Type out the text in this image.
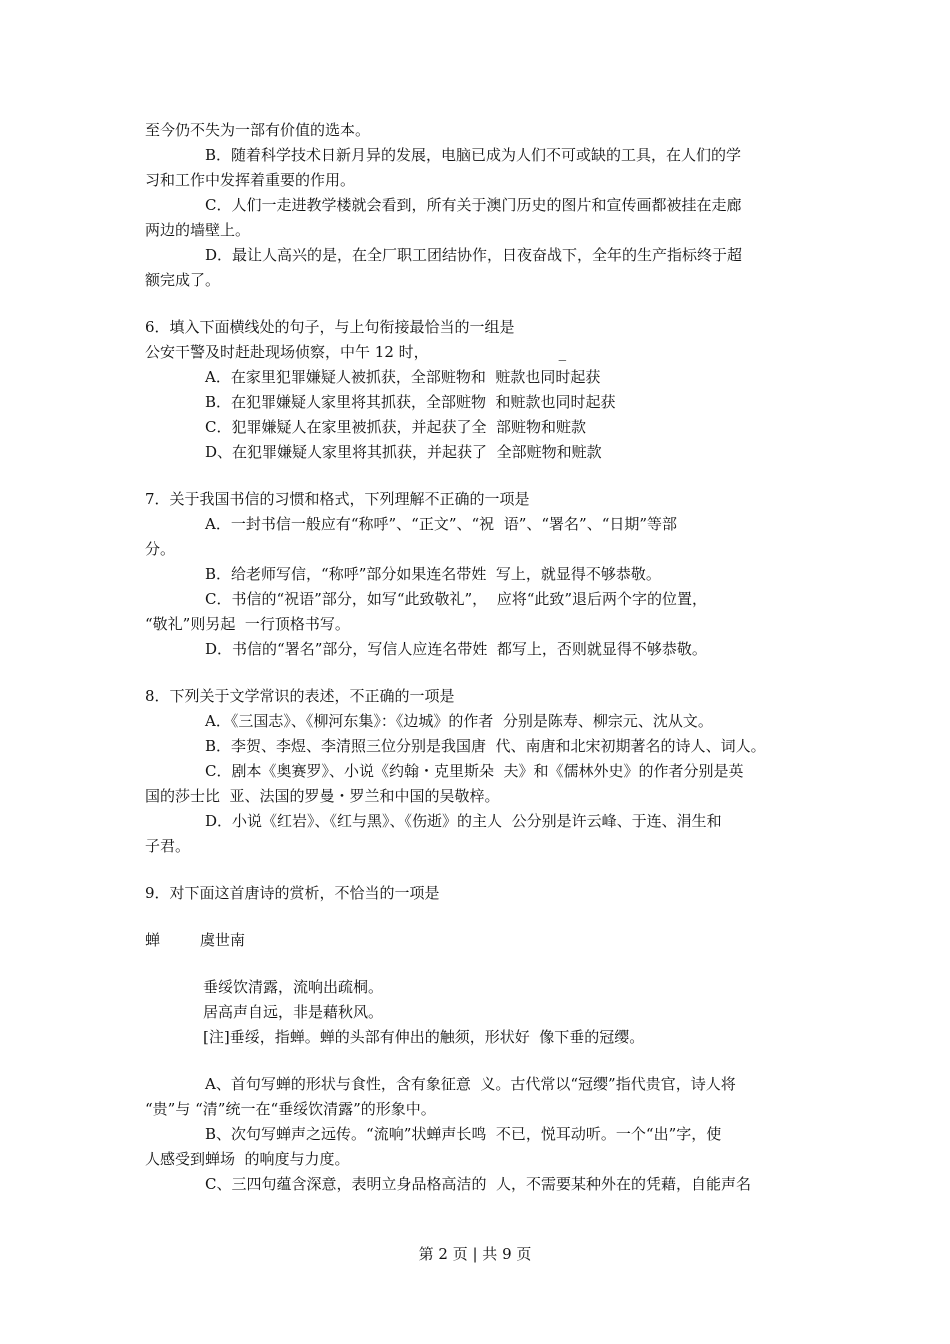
至今仍不失为一部有价值的选本。

B．随着科学技术日新月异的发展，电脑已成为人们不可或缺的工具，在人们的学

习和工作中发挥着重要的作用。

C．人们一走进教学楼就会看到，所有关于澳门历史的图片和宣传画都被挂在走廊

两边的墙壁上。

D．最让人高兴的是，在全厂职工团结协作，日夜奋战下，全年的生产指标终于超

额完成了。

6．填入下面横线处的句子，与上句衔接最恰当的一组是

公安干警及时赶赴现场侦察，中午 12 时，	_

A．在家里犯罪嫌疑人被抓获，全部赃物和  赃款也同时起获

B．在犯罪嫌疑人家里将其抓获，全部赃物  和赃款也同时起获

C．犯罪嫌疑人在家里被抓获，并起获了全  部赃物和赃款

D、在犯罪嫌疑人家里将其抓获，并起获了  全部赃物和赃款

7．关于我国书信的习惯和格式，下列理解不正确的一项是

A．一封书信一般应有“称呼”、“正文”、“祝  语”、“署名”、“日期”等部

分。

B．给老师写信，“称呼”部分如果连名带姓  写上，就显得不够恭敬。

C．书信的“祝语”部分，如写“此致敬礼”，  应将“此致”退后两个字的位置，

“敬礼”则另起  一行顶格书写。

D．书信的“署名”部分，写信人应连名带姓  都写上，否则就显得不够恭敬。

8．下列关于文学常识的表述，不正确的一项是

A．《三国志》、《柳河东集》：《边城》的作者  分别是陈寿、柳宗元、沈从文。

B．李贺、李煜、李清照三位分别是我国唐  代、南唐和北宋初期著名的诗人、词人。

C．剧本《奥赛罗》、小说《约翰・克里斯朵  夫》和《儒林外史》的作者分别是英

国的莎士比  亚、法国的罗曼・罗兰和中国的吴敬梓。

D．小说《红岩》、《红与黑》、《伤逝》的主人  公分别是许云峰、于连、涓生和

子君。

9．对下面这首唐诗的赏析，不恰当的一项是

蝉	虞世南

垂绥饮清露，流响出疏桐。

居高声自远，非是藉秋风。

[注]垂绥，指蝉。蝉的头部有伸出的触须，形状好  像下垂的冠缨。

A、首句写蝉的形状与食性，含有象征意  义。古代常以“冠缨”指代贵官，诗人将

“贵”与 “清”统一在“垂绥饮清露”的形象中。

B、次句写蝉声之远传。“流响”状蝉声长鸣  不已，悦耳动听。一个“出”字，使

人感受到蝉场  的响度与力度。

C、三四句蕴含深意，表明立身品格高洁的  人，不需要某种外在的凭藉，自能声名

第 2 页 | 共 9 页
